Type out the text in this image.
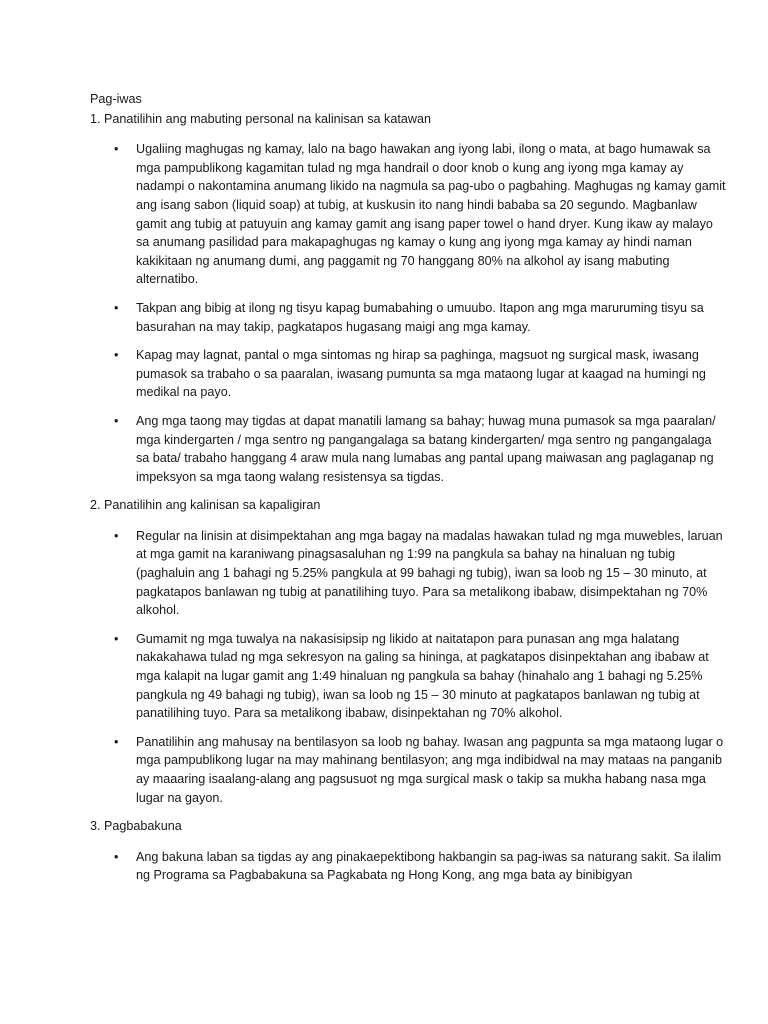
Pag-iwas
1. Panatilihin ang mabuting personal na kalinisan sa katawan
• Ugaliing maghugas ng kamay, lalo na bago hawakan ang iyong labi, ilong o mata, at bago humawak sa mga pampublikong kagamitan tulad ng mga handrail o door knob o kung ang iyong mga kamay ay nadampi o nakontamina anumang likido na nagmula sa pag-ubo o pagbahing. Maghugas ng kamay gamit ang isang sabon (liquid soap) at tubig, at kuskusin ito nang hindi bababa sa 20 segundo. Magbanlaw gamit ang tubig at patuyuin ang kamay gamit ang isang paper towel o hand dryer. Kung ikaw ay malayo sa anumang pasilidad para makapaghugas ng kamay o kung ang iyong mga kamay ay hindi naman kakikitaan ng anumang dumi, ang paggamit ng 70 hanggang 80% na alkohol ay isang mabuting alternatibo.
• Takpan ang bibig at ilong ng tisyu kapag bumabahing o umuubo. Itapon ang mga maruruming tisyu sa basurahan na may takip, pagkatapos hugasang maigi ang mga kamay.
• Kapag may lagnat, pantal o mga sintomas ng hirap sa paghinga, magsuot ng surgical mask, iwasang pumasok sa trabaho o sa paaralan, iwasang pumunta sa mga mataong lugar at kaagad na humingi ng medikal na payo.
• Ang mga taong may tigdas at dapat manatili lamang sa bahay; huwag muna pumasok sa mga paaralan/ mga kindergarten / mga sentro ng pangangalaga sa batang kindergarten/ mga sentro ng pangangalaga sa bata/ trabaho hanggang 4 araw mula nang lumabas ang pantal upang maiwasan ang paglaganap ng impeksyon sa mga taong walang resistensya sa tigdas.
2. Panatilihin ang kalinisan sa kapaligiran
• Regular na linisin at disimpektahan ang mga bagay na madalas hawakan tulad ng mga muwebles, laruan at mga gamit na karaniwang pinagsasaluhan ng 1:99 na pangkula sa bahay na hinaluan ng tubig (paghaluin ang 1 bahagi ng 5.25% pangkula at 99 bahagi ng tubig), iwan sa loob ng 15 – 30 minuto, at pagkatapos banlawan ng tubig at panatilihing tuyo. Para sa metalikong ibabaw, disimpektahan ng 70% alkohol.
• Gumamit ng mga tuwalya na nakasisipsip ng likido at naitatapon para punasan ang mga halatang nakakahawa tulad ng mga sekresyon na galing sa hininga, at pagkatapos disinpektahan ang ibabaw at mga kalapit na lugar gamit ang 1:49 hinaluan ng pangkula sa bahay (hinahalo ang 1 bahagi ng 5.25% pangkula ng 49 bahagi ng tubig), iwan sa loob ng 15 – 30 minuto at pagkatapos banlawan ng tubig at panatilihing tuyo. Para sa metalikong ibabaw, disinpektahan ng 70% alkohol.
• Panatilihin ang mahusay na bentilasyon sa loob ng bahay. Iwasan ang pagpunta sa mga mataong lugar o mga pampublikong lugar na may mahinang bentilasyon; ang mga indibidwal na may mataas na panganib ay maaaring isaalang-alang ang pagsusuot ng mga surgical mask o takip sa mukha habang nasa mga lugar na gayon.
3. Pagbabakuna
• Ang bakuna laban sa tigdas ay ang pinakaepektibong hakbangin sa pag-iwas sa naturang sakit. Sa ilalim ng Programa sa Pagbabakuna sa Pagkabata ng Hong Kong, ang mga bata ay binibigyan
